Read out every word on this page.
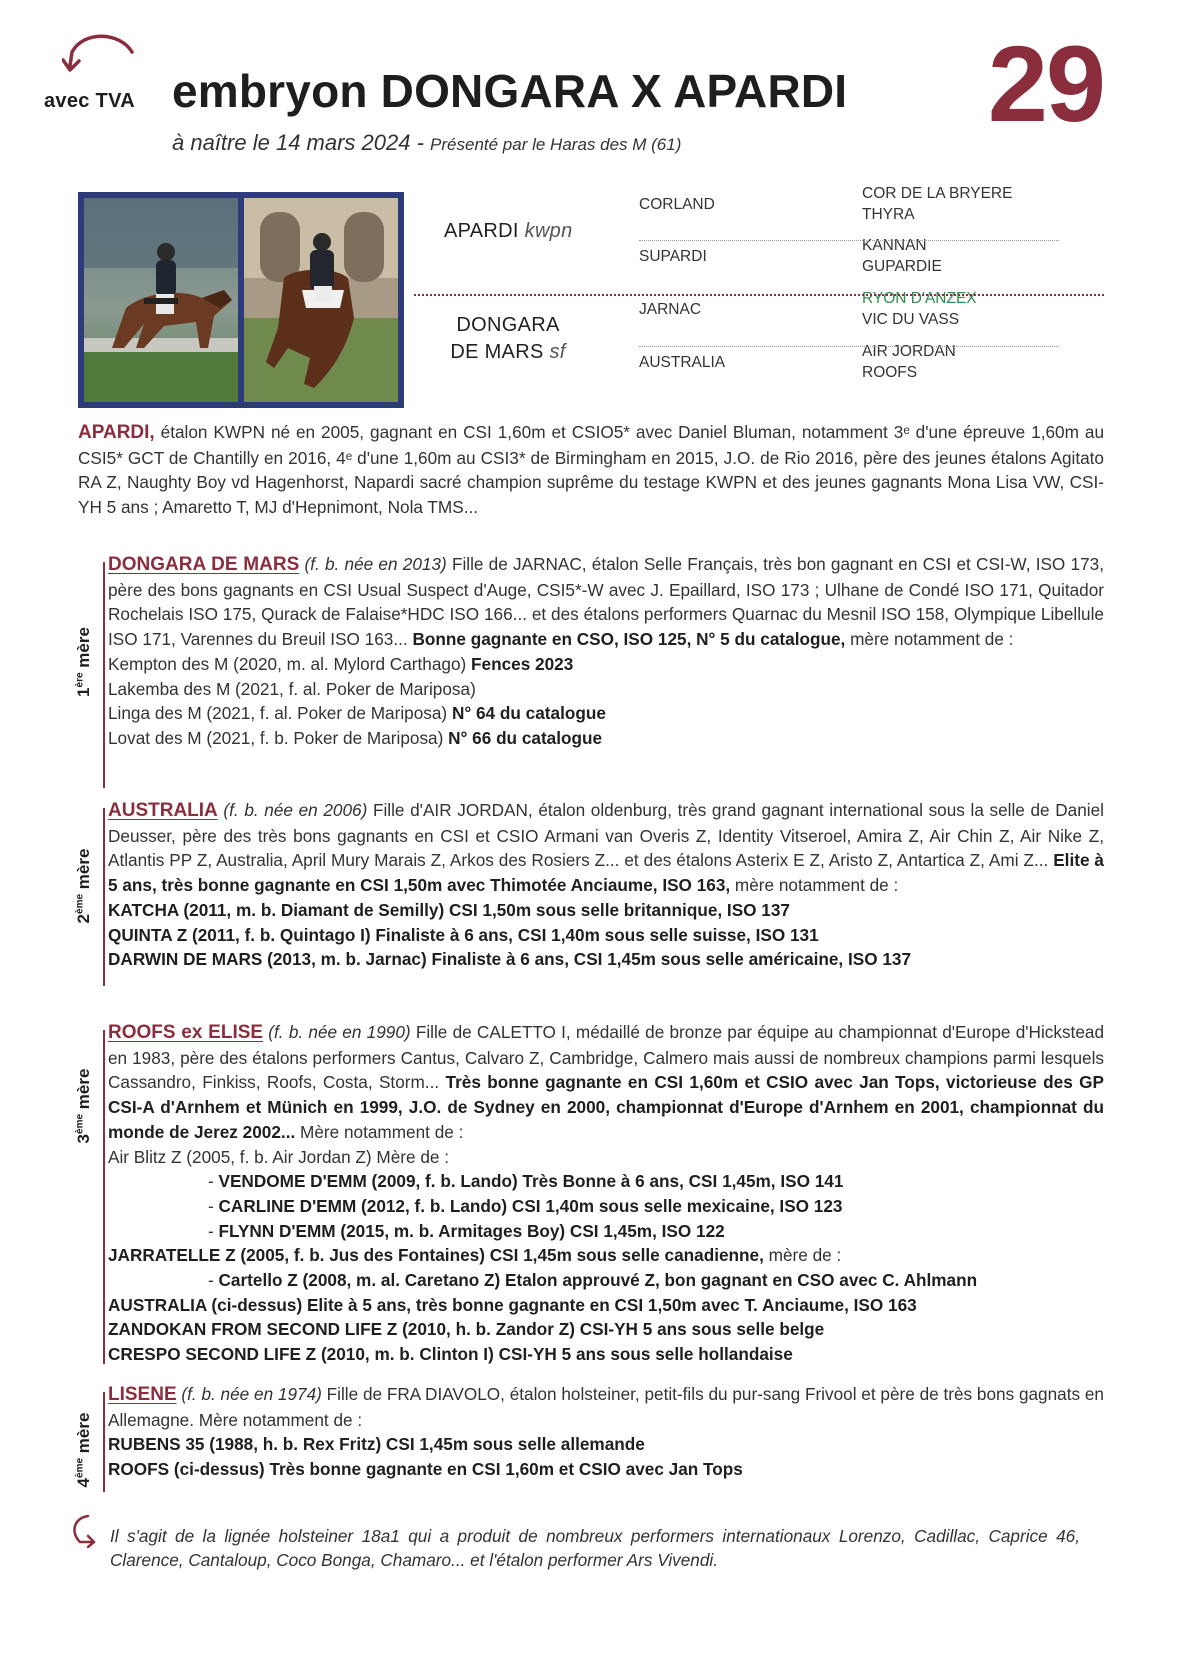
avec TVA embryon DONGARA X APARDI 29
à naître le 14 mars 2024 - Présenté par le Haras des M (61)
APARDI kwpn
DONGARA
DE MARS sf
CORLAND
SUPARDI
JARNAC
AUSTRALIA
COR DE LA BRYERE
THYRA
KANNAN
GUPARDIE
RYON D'ANZEX
VIC DU VASS
AIR JORDAN
ROOFS
APARDI, étalon KWPN né en 2005, gagnant en CSI 1,60m et CSIO5* avec Daniel Bluman, notamment 3ᵉ d'une épreuve 1,60m au CSI5* GCT de Chantilly en 2016, 4ᵉ d'une 1,60m au CSI3* de Birmingham en 2015, J.O. de Rio 2016, père des jeunes étalons Agitato RA Z, Naughty Boy vd Hagenhorst, Napardi sacré champion suprême du testage KWPN et des jeunes gagnants Mona Lisa VW, CSI-YH 5 ans ; Amaretto T, MJ d'Hepnimont, Nola TMS...
1ère mère
DONGARA DE MARS (f. b. née en 2013) Fille de JARNAC, étalon Selle Français, très bon gagnant en CSI et CSI-W, ISO 173, père des bons gagnants en CSI Usual Suspect d'Auge, CSI5*-W avec J. Epaillard, ISO 173 ; Ulhane de Condé ISO 171, Quitador Rochelais ISO 175, Qurack de Falaise*HDC ISO 166... et des étalons performers Quarnac du Mesnil ISO 158, Olympique Libellule ISO 171, Varennes du Breuil ISO 163... Bonne gagnante en CSO, ISO 125, N° 5 du catalogue, mère notamment de :
Kempton des M (2020, m. al. Mylord Carthago) Fences 2023
Lakemba des M (2021, f. al. Poker de Mariposa)
Linga des M (2021, f. al. Poker de Mariposa) N° 64 du catalogue
Lovat des M (2021, f. b. Poker de Mariposa) N° 66 du catalogue
2ème mère
AUSTRALIA (f. b. née en 2006) Fille d'AIR JORDAN, étalon oldenburg, très grand gagnant international sous la selle de Daniel Deusser, père des très bons gagnants en CSI et CSIO Armani van Overis Z, Identity Vitseroel, Amira Z, Air Chin Z, Air Nike Z, Atlantis PP Z, Australia, April Mury Marais Z, Arkos des Rosiers Z... et des étalons Asterix E Z, Aristo Z, Antartica Z, Ami Z... Elite à 5 ans, très bonne gagnante en CSI 1,50m avec Thimotée Anciaume, ISO 163, mère notamment de :
KATCHA (2011, m. b. Diamant de Semilly) CSI 1,50m sous selle britannique, ISO 137
QUINTA Z (2011, f. b. Quintago I) Finaliste à 6 ans, CSI 1,40m sous selle suisse, ISO 131
DARWIN DE MARS (2013, m. b. Jarnac) Finaliste à 6 ans, CSI 1,45m sous selle américaine, ISO 137
3ème mère
ROOFS ex ELISE (f. b. née en 1990) Fille de CALETTO I, médaillé de bronze par équipe au championnat d'Europe d'Hickstead en 1983, père des étalons performers Cantus, Calvaro Z, Cambridge, Calmero mais aussi de nombreux champions parmi lesquels Cassandro, Finkiss, Roofs, Costa, Storm... Très bonne gagnante en CSI 1,60m et CSIO avec Jan Tops, victorieuse des GP CSI-A d'Arnhem et Münich en 1999, J.O. de Sydney en 2000, championnat d'Europe d'Arnhem en 2001, championnat du monde de Jerez 2002... Mère notamment de :
Air Blitz Z (2005, f. b. Air Jordan Z) Mère de :
- VENDOME D'EMM (2009, f. b. Lando) Très Bonne à 6 ans, CSI 1,45m, ISO 141
- CARLINE D'EMM (2012, f. b. Lando) CSI 1,40m sous selle mexicaine, ISO 123
- FLYNN D'EMM (2015, m. b. Armitages Boy) CSI 1,45m, ISO 122
JARRATELLE Z (2005, f. b. Jus des Fontaines) CSI 1,45m sous selle canadienne, mère de :
- Cartello Z (2008, m. al. Caretano Z) Etalon approuvé Z, bon gagnant en CSO avec C. Ahlmann
AUSTRALIA (ci-dessus) Elite à 5 ans, très bonne gagnante en CSI 1,50m avec T. Anciaume, ISO 163
ZANDOKAN FROM SECOND LIFE Z (2010, h. b. Zandor Z) CSI-YH 5 ans sous selle belge
CRESPO SECOND LIFE Z (2010, m. b. Clinton I) CSI-YH 5 ans sous selle hollandaise
4ème mère
LISENE (f. b. née en 1974) Fille de FRA DIAVOLO, étalon holsteiner, petit-fils du pur-sang Frivool et père de très bons gagnats en Allemagne. Mère notamment de :
RUBENS 35 (1988, h. b. Rex Fritz) CSI 1,45m sous selle allemande
ROOFS (ci-dessus) Très bonne gagnante en CSI 1,60m et CSIO avec Jan Tops
Il s'agit de la lignée holsteiner 18a1 qui a produit de nombreux performers internationaux Lorenzo, Cadillac, Caprice 46, Clarence, Cantaloup, Coco Bonga, Chamaro... et l'étalon performer Ars Vivendi.
